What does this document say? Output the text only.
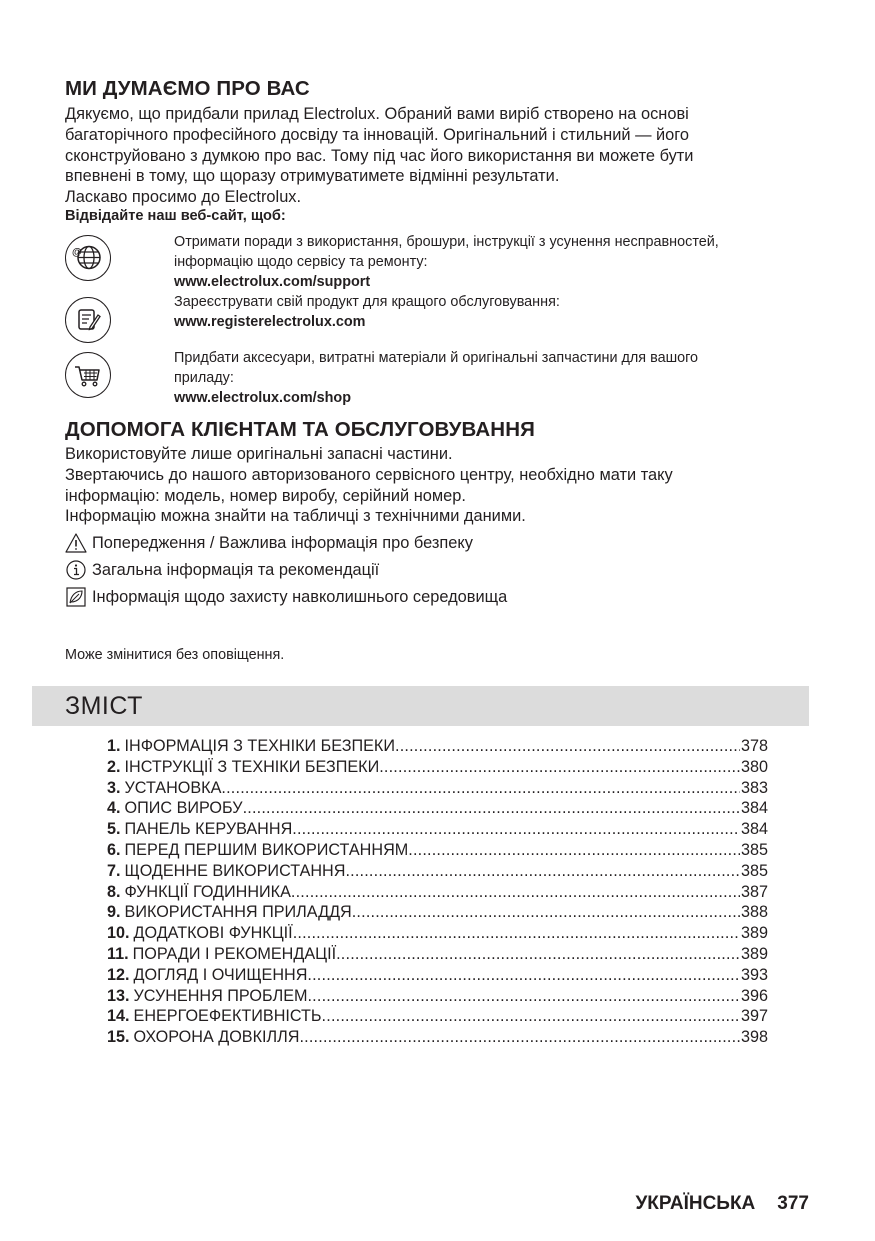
МИ ДУМАЄМО ПРО ВАС
Дякуємо, що придбали прилад Electrolux. Обраний вами виріб створено на основі
багаторічного професійного досвіду та інновацій. Оригінальний і стильний — його
сконструйовано з думкою про вас. Тому під час його використання ви можете бути
впевнені в тому, що щоразу отримуватимете відмінні результати.
Ласкаво просимо до Electrolux.
Відвідайте наш веб-сайт, щоб:
@
Отримати поради з використання, брошури, інструкції з усунення несправностей,
інформацію щодо сервісу та ремонту:
www.electrolux.com/support
Зареєструвати свій продукт для кращого обслуговування:
www.registerelectrolux.com
Придбати аксесуари, витратні матеріали й оригінальні запчастини для вашого
приладу:
www.electrolux.com/shop
ДОПОМОГА КЛІЄНТАМ ТА ОБСЛУГОВУВАННЯ
Використовуйте лише оригінальні запасні частини.
Звертаючись до нашого авторизованого сервісного центру, необхідно мати таку
інформацію: модель, номер виробу, серійний номер.
Інформацію можна знайти на табличці з технічними даними.
Попередження / Важлива інформація про безпеку
Загальна інформація та рекомендації
Інформація щодо захисту навколишнього середовища
Може змінитися без оповіщення.
ЗМІСТ
1. ІНФОРМАЦІЯ З ТЕХНІКИ БЕЗПЕКИ .....	378
2. ІНСТРУКЦІЇ З ТЕХНІКИ БЕЗПЕКИ .....	380
3. УСТАНОВКА .....	383
4. ОПИС ВИРОБУ .....	384
5. ПАНЕЛЬ КЕРУВАННЯ .....	384
6. ПЕРЕД ПЕРШИМ ВИКОРИСТАННЯМ .....	385
7. ЩОДЕННЕ ВИКОРИСТАННЯ .....	385
8. ФУНКЦІЇ ГОДИННИКА .....	387
9. ВИКОРИСТАННЯ ПРИЛАДДЯ .....	388
10. ДОДАТКОВІ ФУНКЦІЇ .....	389
11. ПОРАДИ І РЕКОМЕНДАЦІЇ .....	389
12. ДОГЛЯД І ОЧИЩЕННЯ .....	393
13. УСУНЕННЯ ПРОБЛЕМ .....	396
14. ЕНЕРГОЕФЕКТИВНІСТЬ .....	397
15. ОХОРОНА ДОВКІЛЛЯ .....	398
УКРАЇНСЬКА 377
